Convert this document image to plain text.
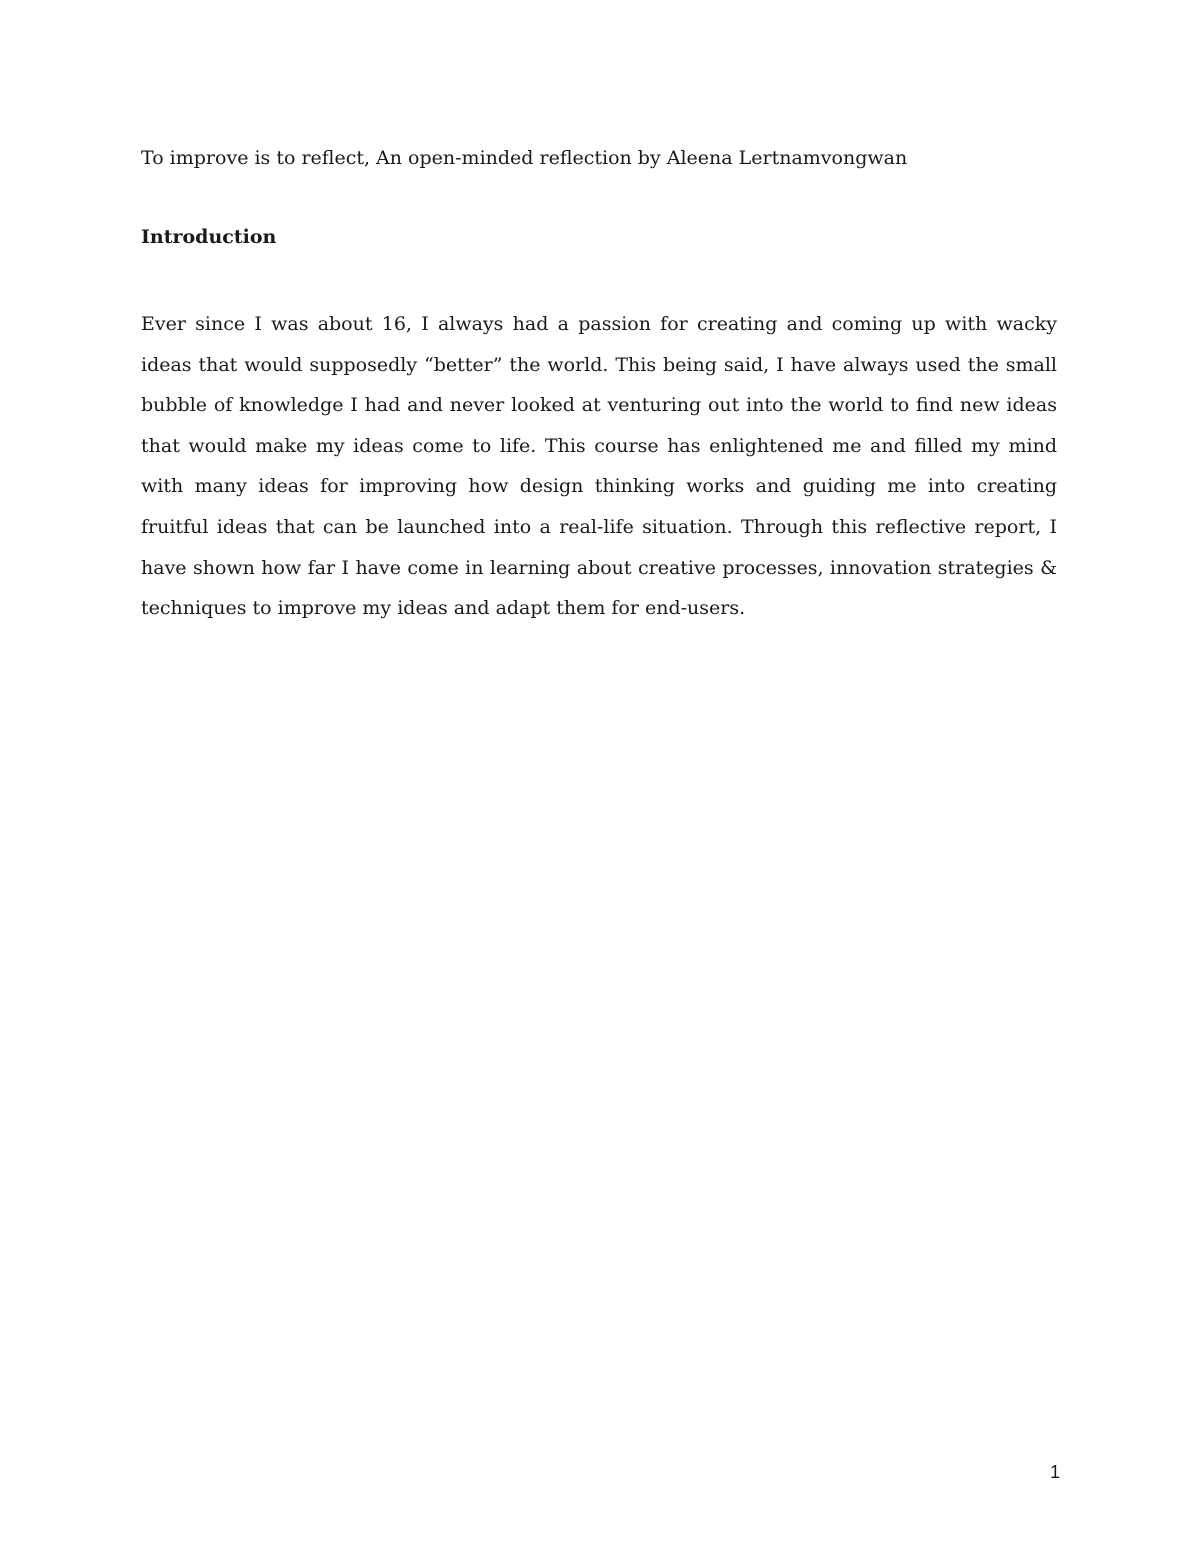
To improve is to reflect, An open-minded reflection by Aleena Lertnamvongwan

Introduction

Ever since I was about 16, I always had a passion for creating and coming up with wacky ideas that would supposedly “better” the world. This being said, I have always used the small bubble of knowledge I had and never looked at venturing out into the world to find new ideas that would make my ideas come to life. This course has enlightened me and filled my mind with many ideas for improving how design thinking works and guiding me into creating fruitful ideas that can be launched into a real-life situation. Through this reflective report, I have shown how far I have come in learning about creative processes, innovation strategies & techniques to improve my ideas and adapt them for end-users.

1
